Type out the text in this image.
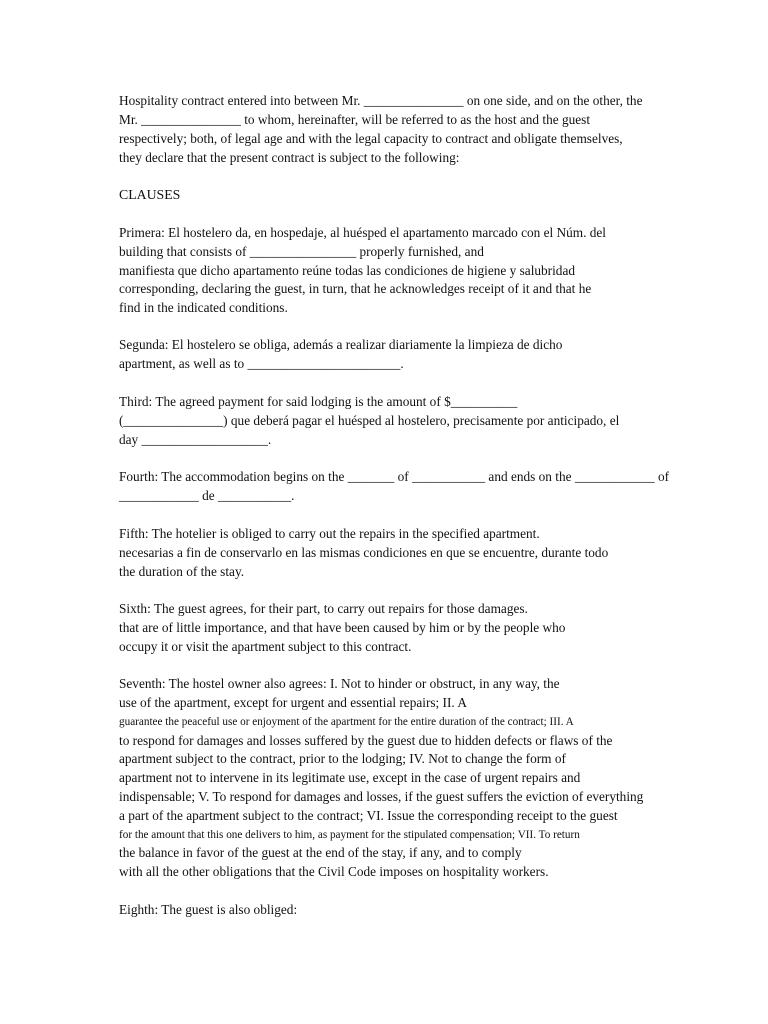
Hospitality contract entered into between Mr. _______________ on one side, and on the other, the
Mr. _______________ to whom, hereinafter, will be referred to as the host and the guest
respectively; both, of legal age and with the legal capacity to contract and obligate themselves,
they declare that the present contract is subject to the following:
CLAUSES
Primera: El hostelero da, en hospedaje, al huésped el apartamento marcado con el Núm. del
building that consists of ________________ properly furnished, and
manifiesta que dicho apartamento reúne todas las condiciones de higiene y salubridad
corresponding, declaring the guest, in turn, that he acknowledges receipt of it and that he
find in the indicated conditions.
Segunda: El hostelero se obliga, además a realizar diariamente la limpieza de dicho
apartment, as well as to _______________________.
Third: The agreed payment for said lodging is the amount of $__________
(_______________) que deberá pagar el huésped al hostelero, precisamente por anticipado, el
day ___________________.
Fourth: The accommodation begins on the _______ of ___________ and ends on the ____________ of
____________ de ___________.
Fifth: The hotelier is obliged to carry out the repairs in the specified apartment.
necesarias a fin de conservarlo en las mismas condiciones en que se encuentre, durante todo
the duration of the stay.
Sixth: The guest agrees, for their part, to carry out repairs for those damages.
that are of little importance, and that have been caused by him or by the people who
occupy it or visit the apartment subject to this contract.
Seventh: The hostel owner also agrees: I. Not to hinder or obstruct, in any way, the
use of the apartment, except for urgent and essential repairs; II. A
guarantee the peaceful use or enjoyment of the apartment for the entire duration of the contract; III. A
to respond for damages and losses suffered by the guest due to hidden defects or flaws of the
apartment subject to the contract, prior to the lodging; IV. Not to change the form of
apartment not to intervene in its legitimate use, except in the case of urgent repairs and
indispensable; V. To respond for damages and losses, if the guest suffers the eviction of everything
a part of the apartment subject to the contract; VI. Issue the corresponding receipt to the guest
for the amount that this one delivers to him, as payment for the stipulated compensation; VII. To return
the balance in favor of the guest at the end of the stay, if any, and to comply
with all the other obligations that the Civil Code imposes on hospitality workers.
Eighth: The guest is also obliged:
